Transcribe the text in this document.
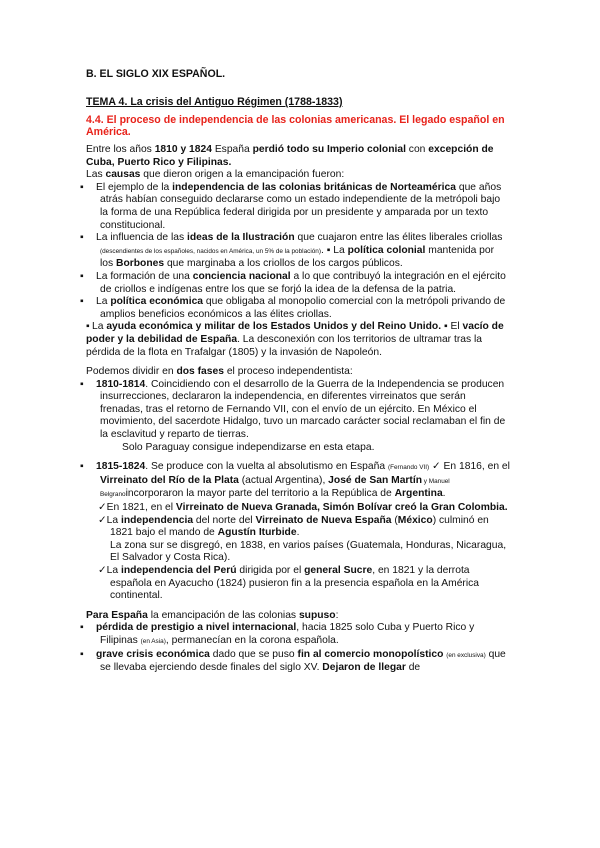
B. EL SIGLO XIX ESPAÑOL.
TEMA 4. La crisis del Antiguo Régimen (1788-1833)
4.4. El proceso de independencia de las colonias americanas. El legado español en América.

Entre los años 1810 y 1824 España perdió todo su Imperio colonial con excepción de Cuba, Puerto Rico y Filipinas.

Las causas que dieron origen a la emancipación fueron:

▪ El ejemplo de la independencia de las colonias británicas de Norteamérica que años atrás habían conseguido declararse como un estado independiente de la metrópoli bajo la forma de una República federal dirigida por un presidente y amparada por un texto constitucional.

▪ La influencia de las ideas de la Ilustración que cuajaron entre las élites liberales criollas (descendientes de los españoles, nacidos en América, un 5% de la población). ▪ La política colonial mantenida por los Borbones que marginaba a los criollos de los cargos públicos.

▪ La formación de una conciencia nacional a lo que contribuyó la integración en el ejército de criollos e indígenas entre los que se forjó la idea de la defensa de la patria.

▪ La política económica que obligaba al monopolio comercial con la metrópoli privando de amplios beneficios económicos a las élites criollas.

▪ La ayuda económica y militar de los Estados Unidos y del Reino Unido. ▪ El vacío de poder y la debilidad de España. La desconexión con los territorios de ultramar tras la pérdida de la flota en Trafalgar (1805) y la invasión de Napoleón.

Podemos dividir en dos fases el proceso independentista:

▪ 1810-1814. Coincidiendo con el desarrollo de la Guerra de la Independencia se producen insurrecciones, declararon la independencia, en diferentes virreinatos que serán frenadas, tras el retorno de Fernando VII, con el envío de un ejército. En México el movimiento, del sacerdote Hidalgo, tuvo un marcado carácter social reclamaban el fin de la esclavitud y reparto de tierras.

Solo Paraguay consigue independizarse en esta etapa.

▪ 1815-1824. Se produce con la vuelta al absolutismo en España (Fernando VII) ✓ En 1816, en el Virreinato del Río de la Plata (actual Argentina), José de San Martín y Manuel Belgranoincorporaron la mayor parte del territorio a la República de Argentina.

✓En 1821, en el Virreinato de Nueva Granada, Simón Bolívar creó la Gran Colombia.

✓La independencia del norte del Virreinato de Nueva España (México) culminó en 1821 bajo el mando de Agustín Iturbide.

La zona sur se disgregó, en 1838, en varios países (Guatemala, Honduras, Nicaragua, El Salvador y Costa Rica).

✓La independencia del Perú dirigida por el general Sucre, en 1821 y la derrota española en Ayacucho (1824) pusieron fin a la presencia española en la América continental.

Para España la emancipación de las colonias supuso:

▪ pérdida de prestigio a nivel internacional, hacia 1825 solo Cuba y Puerto Rico y Filipinas (en Asia), permanecían en la corona española.

▪ grave crisis económica dado que se puso fin al comercio monopolístico (en exclusiva) que se llevaba ejerciendo desde finales del siglo XV. Dejaron de llegar de
